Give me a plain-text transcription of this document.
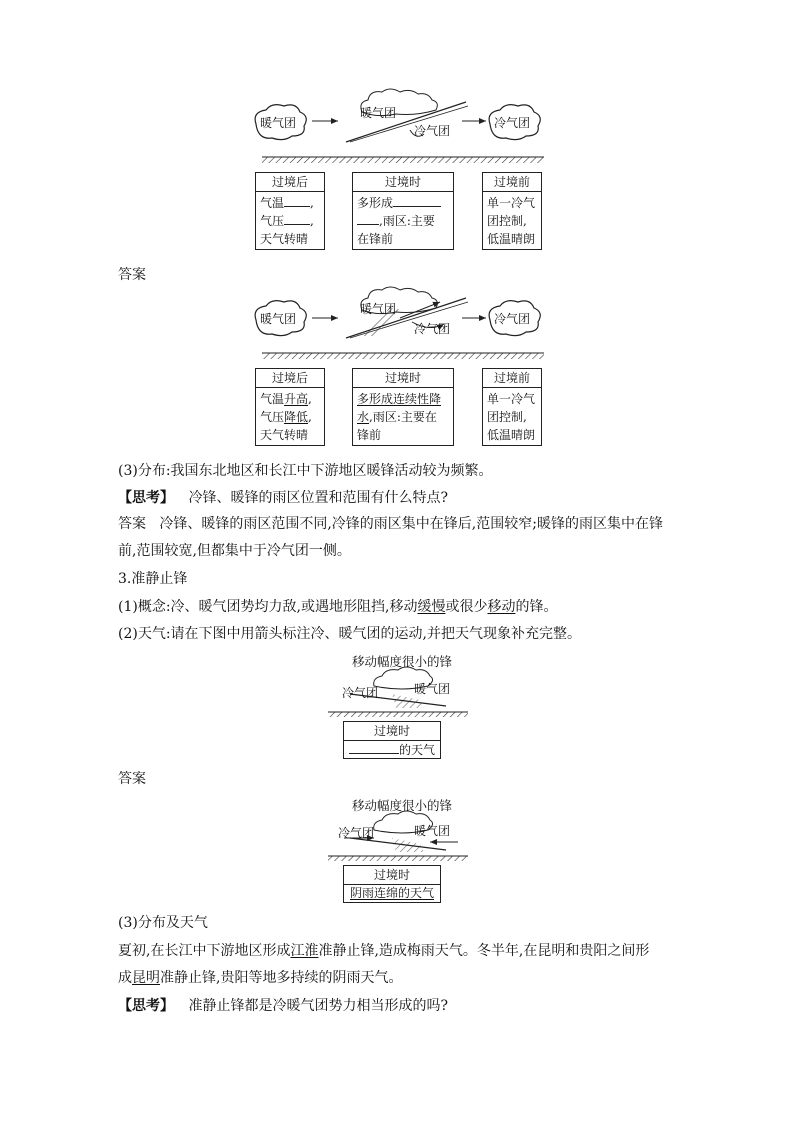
暖气团
暖气团
冷气团
冷气团
过境后
气温 ,
气压 ,
天气转晴
过境时
多形成
,雨区:主要
在锋前
过境前
单一冷气
团控制,
低温晴朗
答案
暖气团
暖气团
冷气团
冷气团
过境后
气温升高,
气压降低,
天气转晴
过境时
多形成连续性降
水,雨区:主要在
锋前
过境前
单一冷气
团控制,
低温晴朗
(3)分布:我国东北地区和长江中下游地区暖锋活动较为频繁。
【思考】 冷锋、暖锋的雨区位置和范围有什么特点?
答案 冷锋、暖锋的雨区范围不同,冷锋的雨区集中在锋后,范围较窄;暖锋的雨区集中在锋前,范围较宽,但都集中于冷气团一侧。
3.准静止锋
(1)概念:冷、暖气团势均力敌,或遇地形阻挡,移动缓慢或很少移动的锋。
(2)天气:请在下图中用箭头标注冷、暖气团的运动,并把天气现象补充完整。
移动幅度很小的锋
冷气团	暖气团
过境时
的天气
答案
移动幅度很小的锋
冷气团	暖气团
过境时
阴雨连绵的天气
(3)分布及天气
夏初,在长江中下游地区形成江淮准静止锋,造成梅雨天气。冬半年,在昆明和贵阳之间形
成昆明准静止锋,贵阳等地多持续的阴雨天气。
【思考】 准静止锋都是冷暖气团势力相当形成的吗?
